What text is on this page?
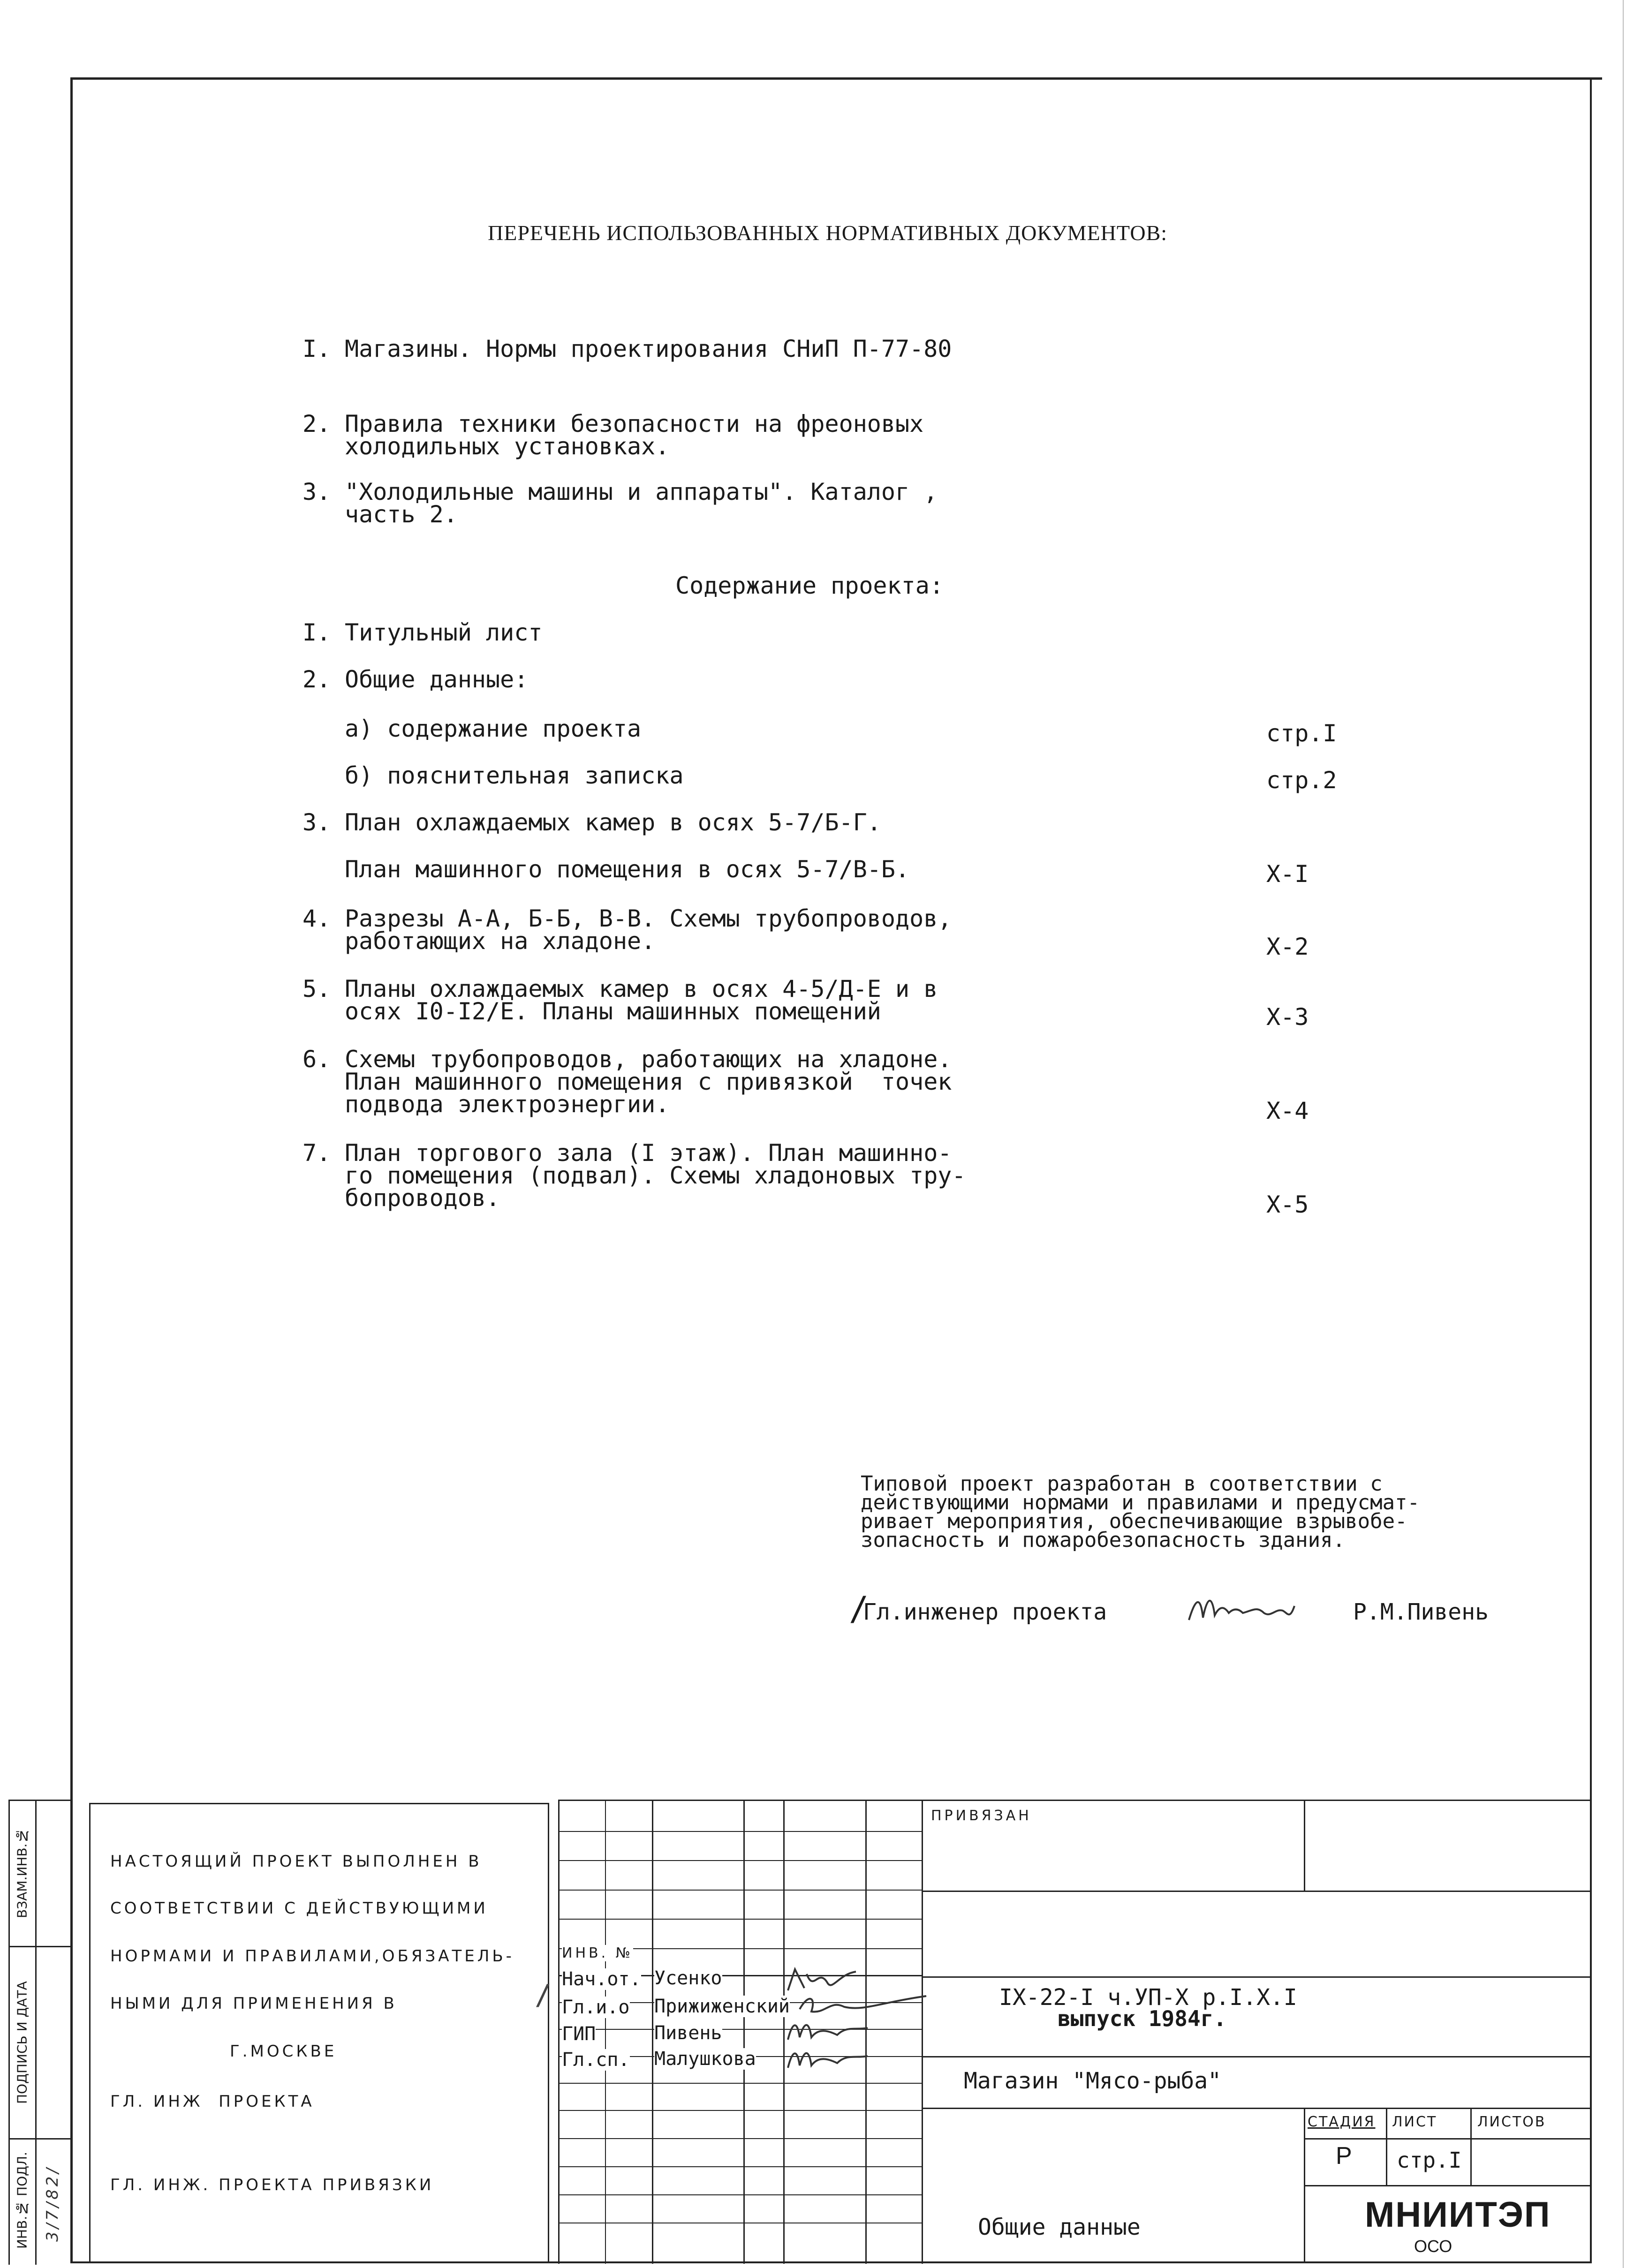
ПЕРЕЧЕНЬ ИСПОЛЬЗОВАННЫХ НОРМАТИВНЫХ ДОКУМЕНТОВ:
I. Магазины. Нормы проектирования СНиП П-77-80
2. Правила техники безопасности на фреоновых
холодильных установках.
3. "Холодильные машины и аппараты". Каталог ,
часть 2.
Содержание проекта:
I. Титульный лист
2. Общие данные:
а) содержание проекта	стр.I
б) пояснительная записка	стр.2
3. План охлаждаемых камер в осях 5-7/Б-Г.
План машинного помещения в осях 5-7/В-Б.	Х-I
4. Разрезы А-А, Б-Б, В-В. Схемы трубопроводов,
работающих на хладоне.	Х-2
5. Планы охлаждаемых камер в осях 4-5/Д-Е и в
осях I0-I2/Е. Планы машинных помещений	Х-3
6. Схемы трубопроводов, работающих на хладоне.
План машинного помещения с привязкой  точек
подвода электроэнергии.	Х-4
7. План торгового зала (I этаж). План машинно-
го помещения (подвал). Схемы хладоновых тру-
бопроводов.	Х-5
Типовой проект разработан в соответствии с
действующими нормами и правилами и предусмат-
ривает мероприятия, обеспечивающие взрывобе-
зопасность и пожаробезопасность здания.
/
Гл.инженер проекта	Р.М.Пивень
ВЗАМ.ИНВ.№
ПОДПИСЬ И ДАТА
ИНВ.№ ПОДЛ. 3/7/82/
НАСТОЯЩИЙ ПРОЕКТ ВЫПОЛНЕН В
СООТВЕТСТВИИ С ДЕЙСТВУЮЩИМИ
НОРМАМИ И ПРАВИЛАМИ,ОБЯЗАТЕЛЬ-
НЫМИ ДЛЯ ПРИМЕНЕНИЯ В
Г.МОСКВЕ
ГЛ. ИНЖ  ПРОЕКТА
ГЛ. ИНЖ. ПРОЕКТА ПРИВЯЗКИ
ИНВ. №
Нач.от. Усенко
Гл.и.о Прижиженский
ГИП	Пивень
Гл.сп. Малушкова
/
ПРИВЯЗАН
IX-22-I ч.УП-Х р.I.Х.I
выпуск 1984г.
Магазин "Мясо-рыба"
СТАДИЯ ЛИСТ	ЛИСТОВ
Р стр.I
Общие данные	МНИИТЭП
ОСО
